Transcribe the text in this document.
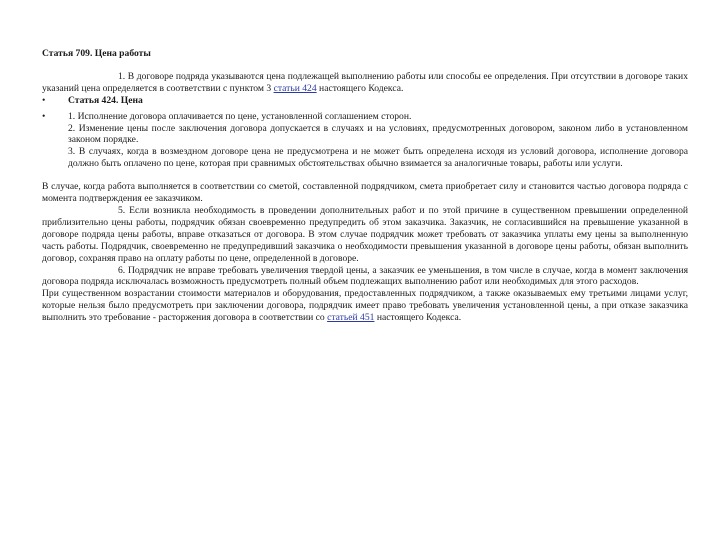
Статья 709. Цена работы

1. В договоре подряда указываются цена подлежащей выполнению работы или способы ее определения. При отсутствии в договоре таких указаний цена определяется в соответствии с пунктом 3 статьи 424 настоящего Кодекса.

•	Статья 424. Цена
•	1. Исполнение договора оплачивается по цене, установленной соглашением сторон.

2. Изменение цены после заключения договора допускается в случаях и на условиях, предусмотренных договором, законом либо в установленном законом порядке.

3. В случаях, когда в возмездном договоре цена не предусмотрена и не может быть определена исходя из условий договора, исполнение договора должно быть оплачено по цене, которая при сравнимых обстоятельствах обычно взимается за аналогичные товары, работы или услуги.

В случае, когда работа выполняется в соответствии со сметой, составленной подрядчиком, смета приобретает силу и становится частью договора подряда с момента подтверждения ее заказчиком.

5. Если возникла необходимость в проведении дополнительных работ и по этой причине в существенном превышении определенной приблизительно цены работы, подрядчик обязан своевременно предупредить об этом заказчика. Заказчик, не согласившийся на превышение указанной в договоре подряда цены работы, вправе отказаться от договора. В этом случае подрядчик может требовать от заказчика уплаты ему цены за выполненную часть работы. Подрядчик, своевременно не предупредивший заказчика о необходимости превышения указанной в договоре цены работы, обязан выполнить договор, сохраняя право на оплату работы по цене, определенной в договоре.

6. Подрядчик не вправе требовать увеличения твердой цены, а заказчик ее уменьшения, в том числе в случае, когда в момент заключения договора подряда исключалась возможность предусмотреть полный объем подлежащих выполнению работ или необходимых для этого расходов.

При существенном возрастании стоимости материалов и оборудования, предоставленных подрядчиком, а также оказываемых ему третьими лицами услуг, которые нельзя было предусмотреть при заключении договора, подрядчик имеет право требовать увеличения установленной цены, а при отказе заказчика выполнить это требование - расторжения договора в соответствии со статьей 451 настоящего Кодекса.
